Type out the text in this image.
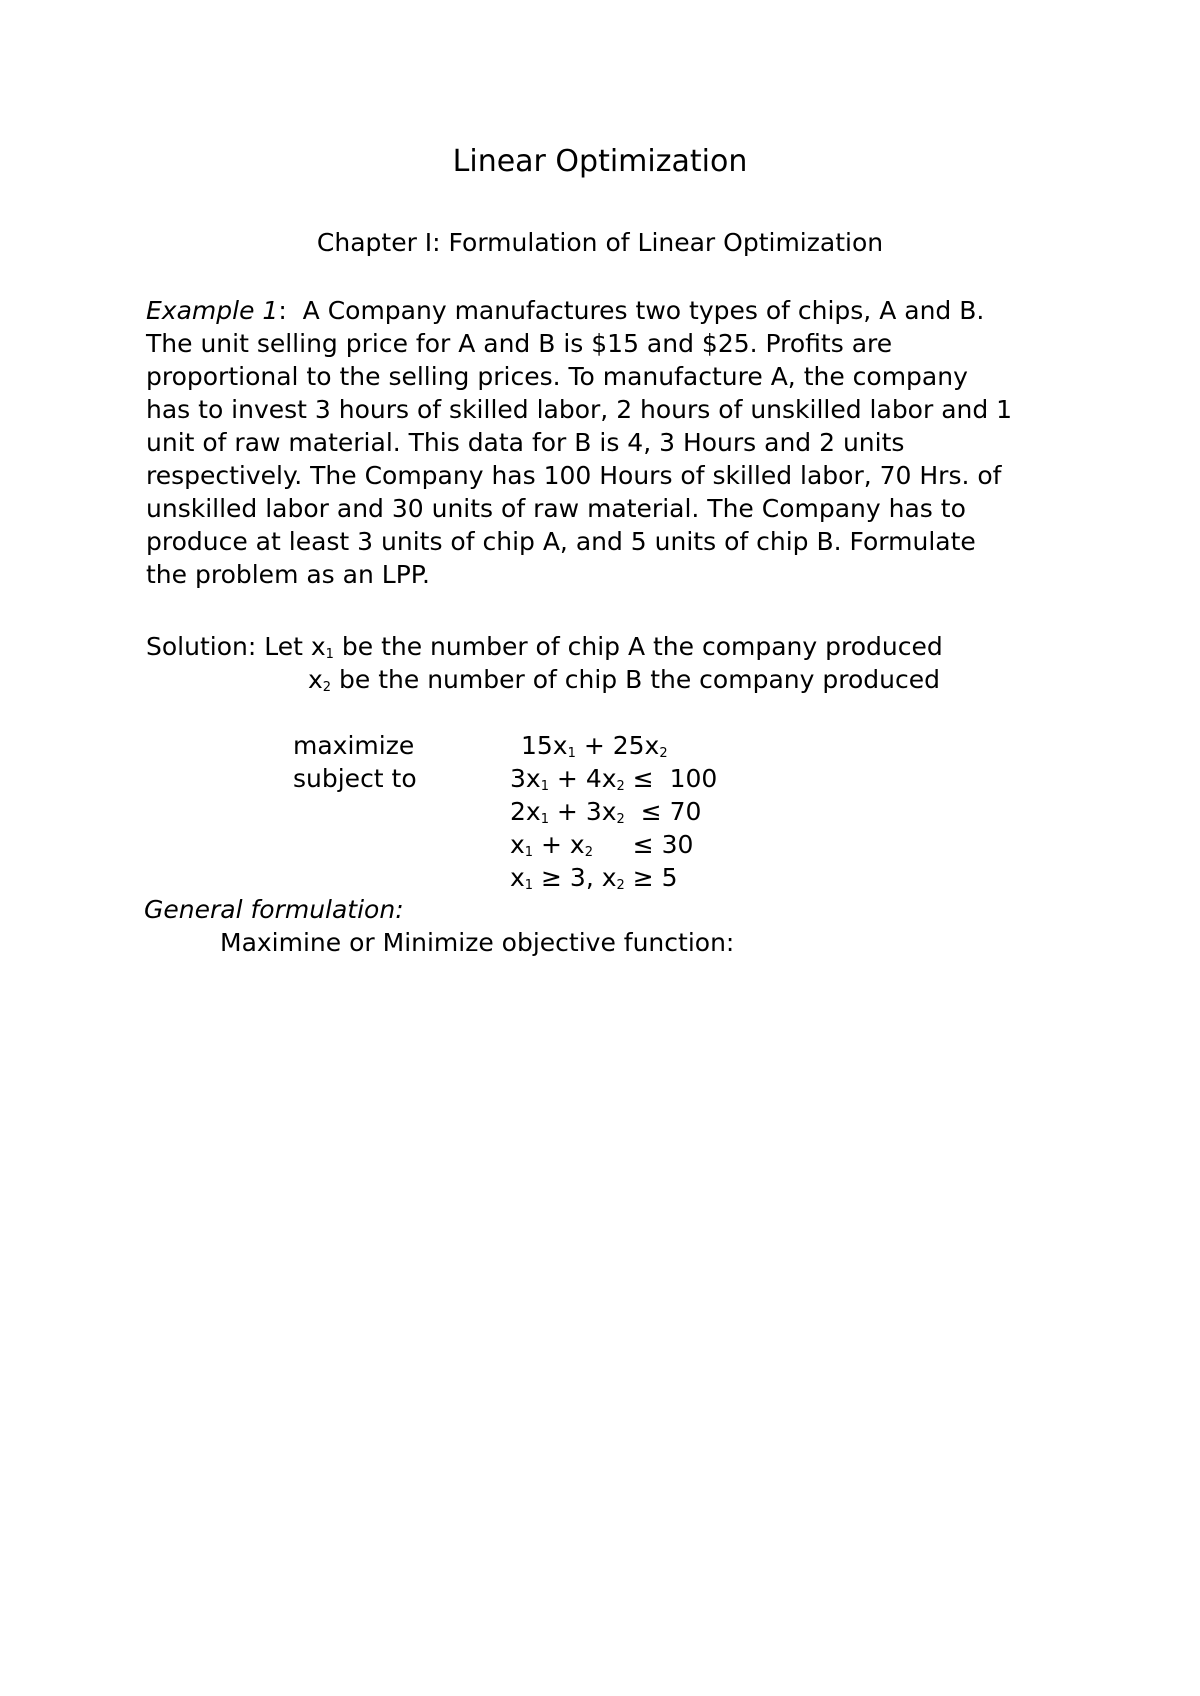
Linear Optimization
Chapter I: Formulation of Linear Optimization
Example 1:  A Company manufactures two types of chips, A and B.
The unit selling price for A and B is $15 and $25. Profits are
proportional to the selling prices. To manufacture A, the company
has to invest 3 hours of skilled labor, 2 hours of unskilled labor and 1
unit of raw material. This data for B is 4, 3 Hours and 2 units
respectively. The Company has 100 Hours of skilled labor, 70 Hrs. of
unskilled labor and 30 units of raw material. The Company has to
produce at least 3 units of chip A, and 5 units of chip B. Formulate
the problem as an LPP.
Solution: Let $x_1$ be the number of chip A the company produced
$x_2$ be the number of chip B the company produced
maximize
subject to
$15x_1 + 25x_2$
$3x_1 + 4x_2 \le 100$
$2x_1 + 3x_2 \le 70$
$x_1 + x_2$     ≤ 30
$x_1 \ge 3$, $x_2 \ge 5$
General formulation:
Maximine or Minimize objective function:
